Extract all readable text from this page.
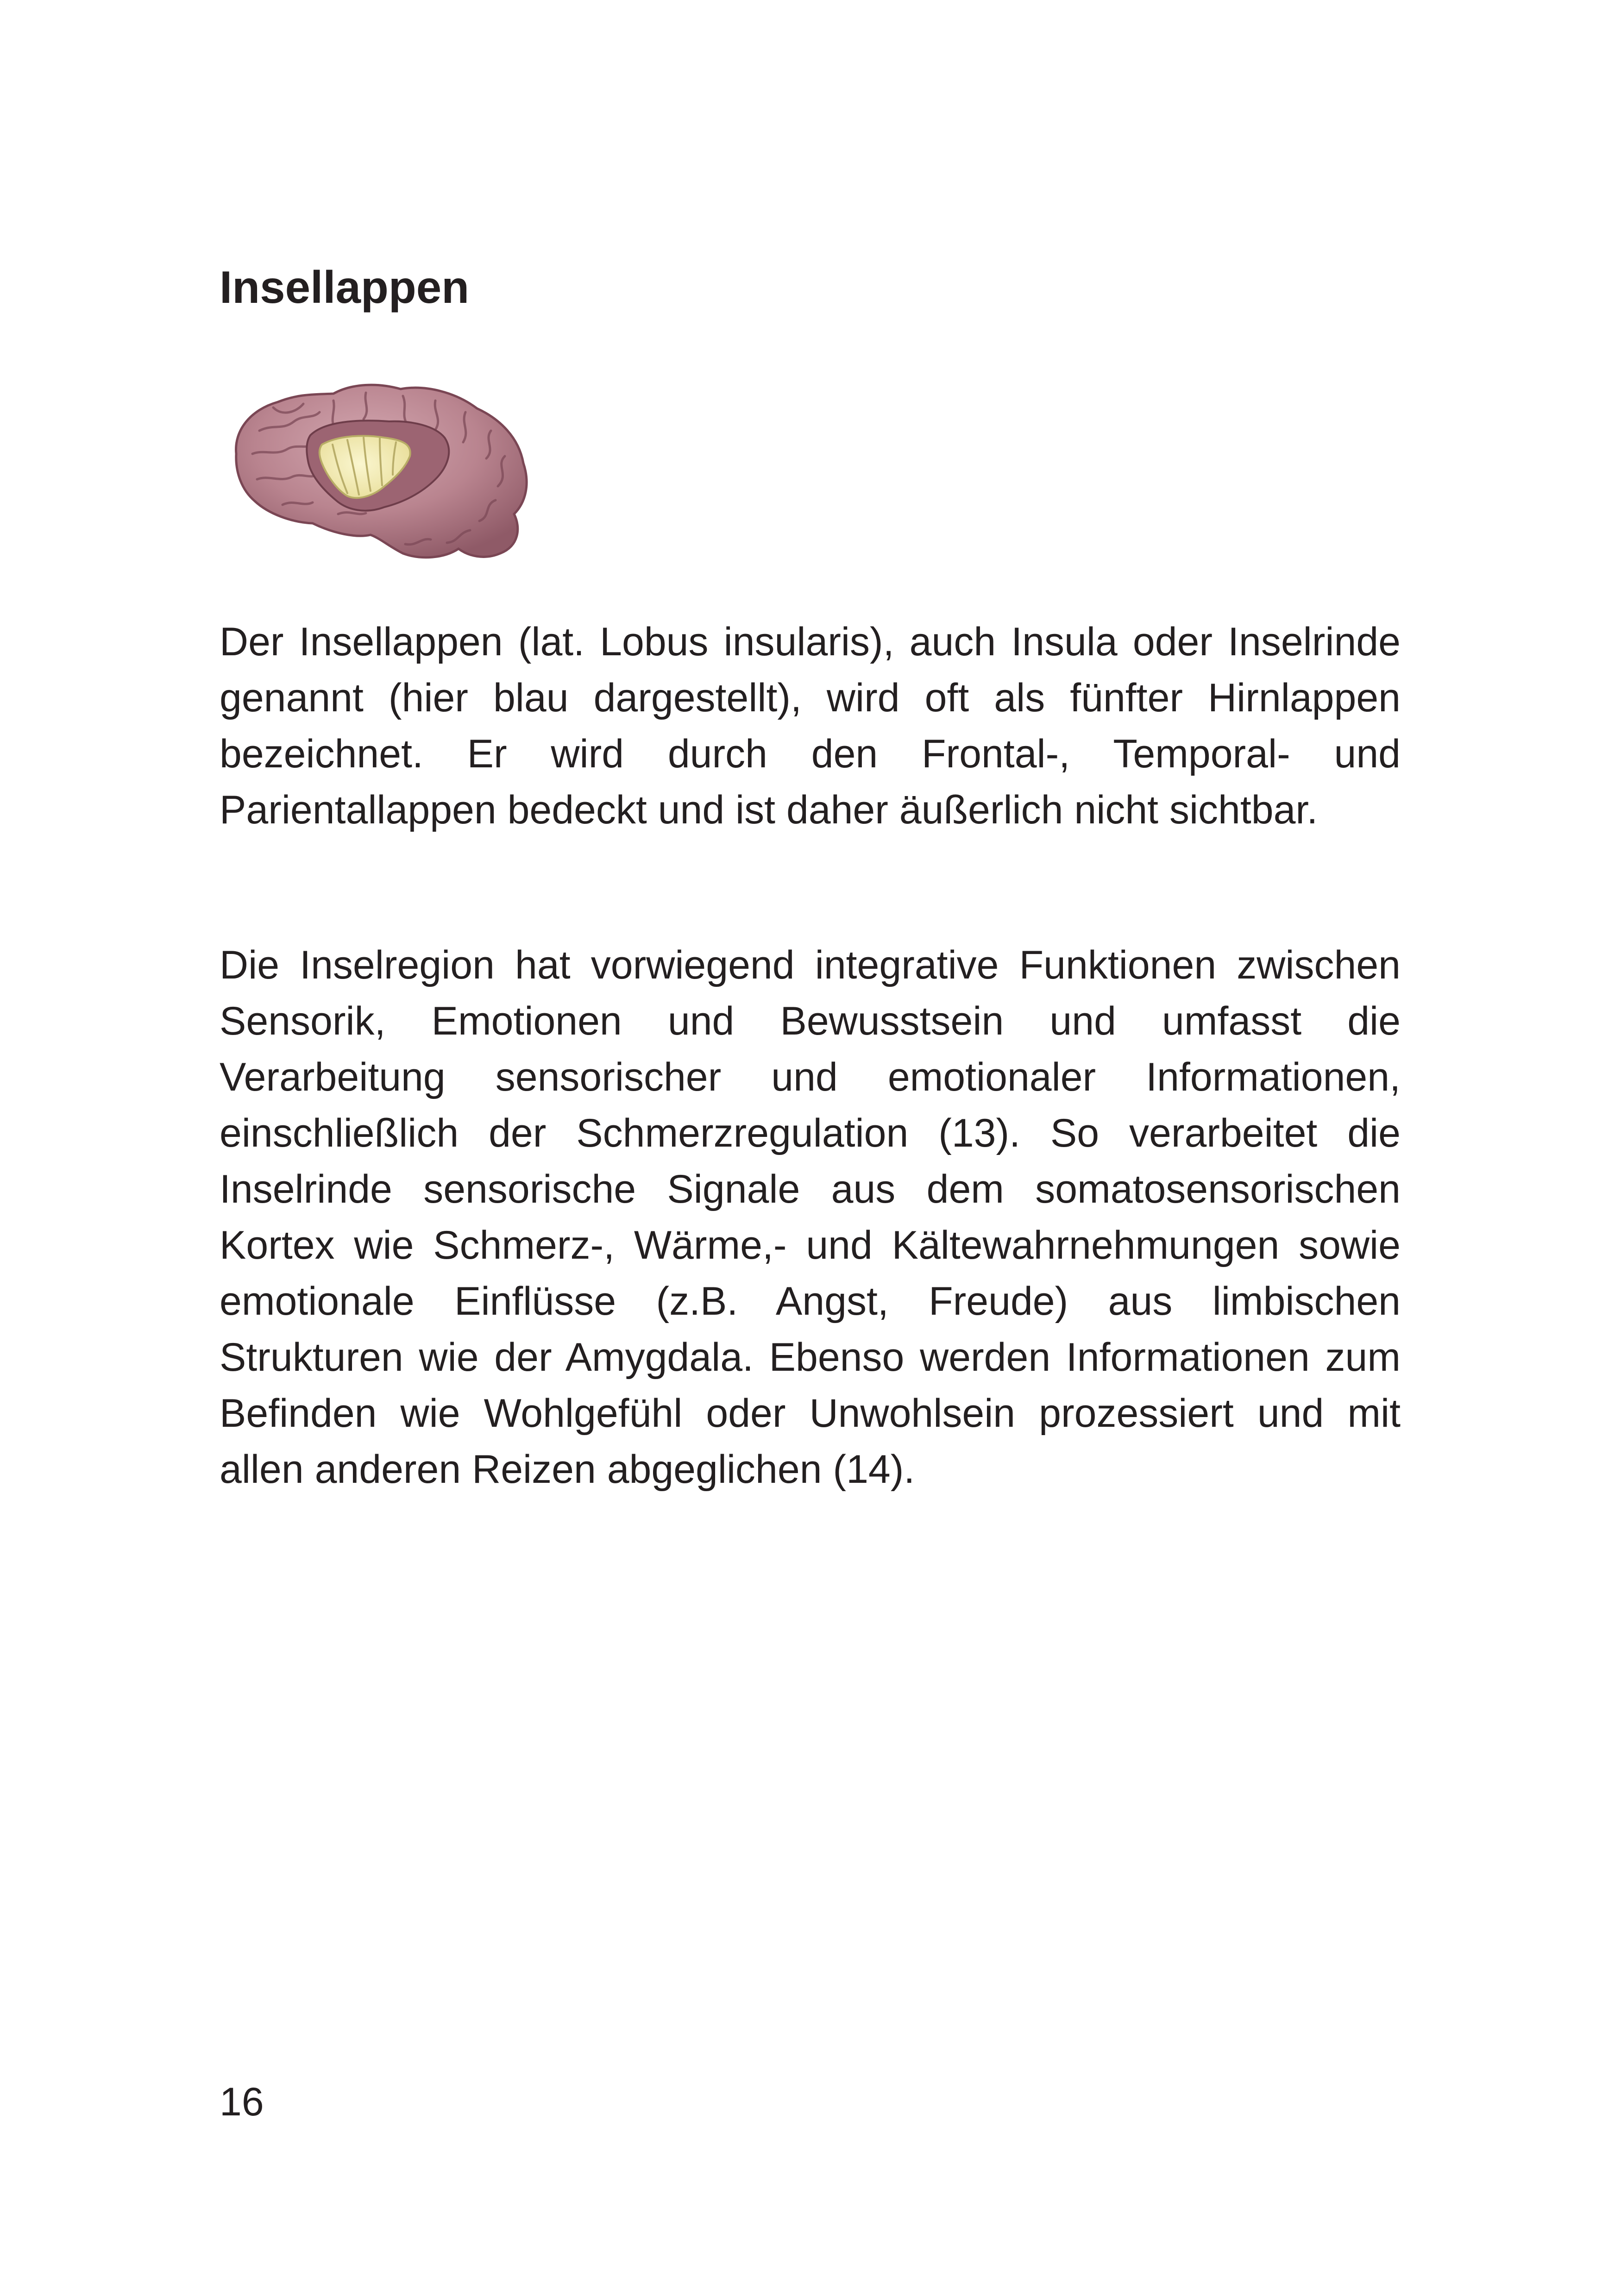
Insellappen

Der Insellappen (lat. Lobus insularis), auch Insula oder Inselrinde genannt (hier blau dargestellt), wird oft als fünfter Hirnlappen bezeichnet. Er wird durch den Frontal-, Temporal- und Parientallappen bedeckt und ist daher äußerlich nicht sichtbar.

Die Inselregion hat vorwiegend integrative Funktionen zwischen Sensorik, Emotionen und Bewusstsein und umfasst die Verarbeitung sensorischer und emotionaler Informationen, einschließlich der Schmerzregulation (13). So verarbeitet die Inselrinde sensorische Signale aus dem somatosensorischen Kortex wie Schmerz-, Wärme,- und Kältewahrnehmungen sowie emotionale Einflüsse (z.B. Angst, Freude) aus limbischen Strukturen wie der Amygdala. Ebenso werden Informationen zum Befinden wie Wohlgefühl oder Unwohlsein prozessiert und mit allen anderen Reizen abgeglichen (14).

16
